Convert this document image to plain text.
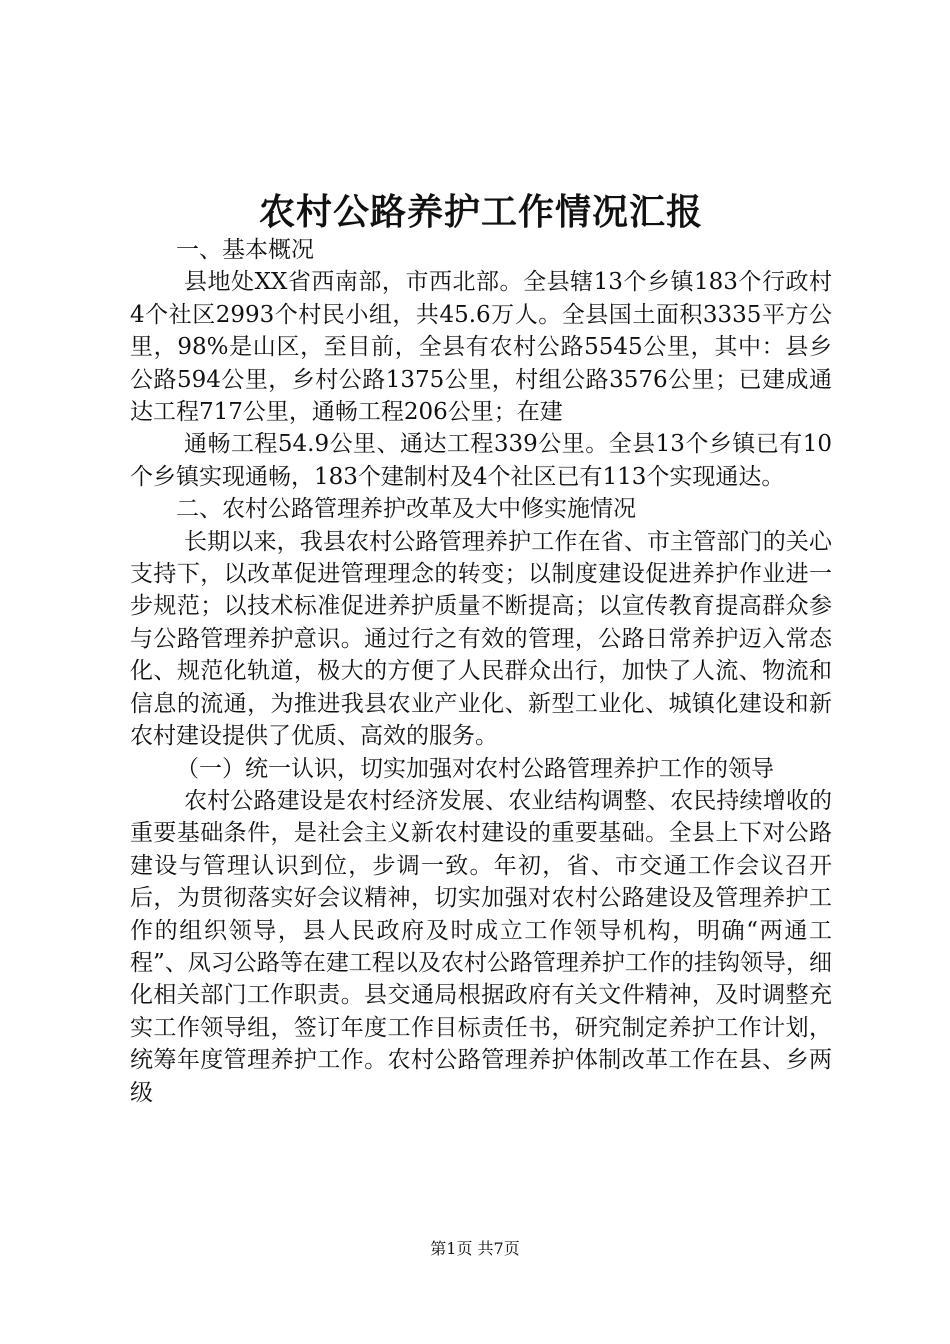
农村公路养护工作情况汇报

一、基本概况

县地处XX省西南部，市西北部。全县辖13个乡镇183个行政村4个社区2993个村民小组，共45.6万人。全县国土面积3335平方公里，98%是山区，至目前，全县有农村公路5545公里，其中：县乡公路594公里，乡村公路1375公里，村组公路3576公里；已建成通达工程717公里，通畅工程206公里；在建

通畅工程54.9公里、通达工程339公里。全县13个乡镇已有10个乡镇实现通畅，183个建制村及4个社区已有113个实现通达。

二、农村公路管理养护改革及大中修实施情况

长期以来，我县农村公路管理养护工作在省、市主管部门的关心支持下，以改革促进管理理念的转变；以制度建设促进养护作业进一步规范；以技术标准促进养护质量不断提高；以宣传教育提高群众参与公路管理养护意识。通过行之有效的管理，公路日常养护迈入常态化、规范化轨道，极大的方便了人民群众出行，加快了人流、物流和信息的流通，为推进我县农业产业化、新型工业化、城镇化建设和新农村建设提供了优质、高效的服务。

（一）统一认识，切实加强对农村公路管理养护工作的领导

农村公路建设是农村经济发展、农业结构调整、农民持续增收的重要基础条件，是社会主义新农村建设的重要基础。全县上下对公路建设与管理认识到位，步调一致。年初，省、市交通工作会议召开后，为贯彻落实好会议精神，切实加强对农村公路建设及管理养护工作的组织领导，县人民政府及时成立工作领导机构，明确“两通工程”、凤习公路等在建工程以及农村公路管理养护工作的挂钩领导，细化相关部门工作职责。县交通局根据政府有关文件精神，及时调整充实工作领导组，签订年度工作目标责任书，研究制定养护工作计划，统筹年度管理养护工作。农村公路管理养护体制改革工作在县、乡两级

第1页 共7页
